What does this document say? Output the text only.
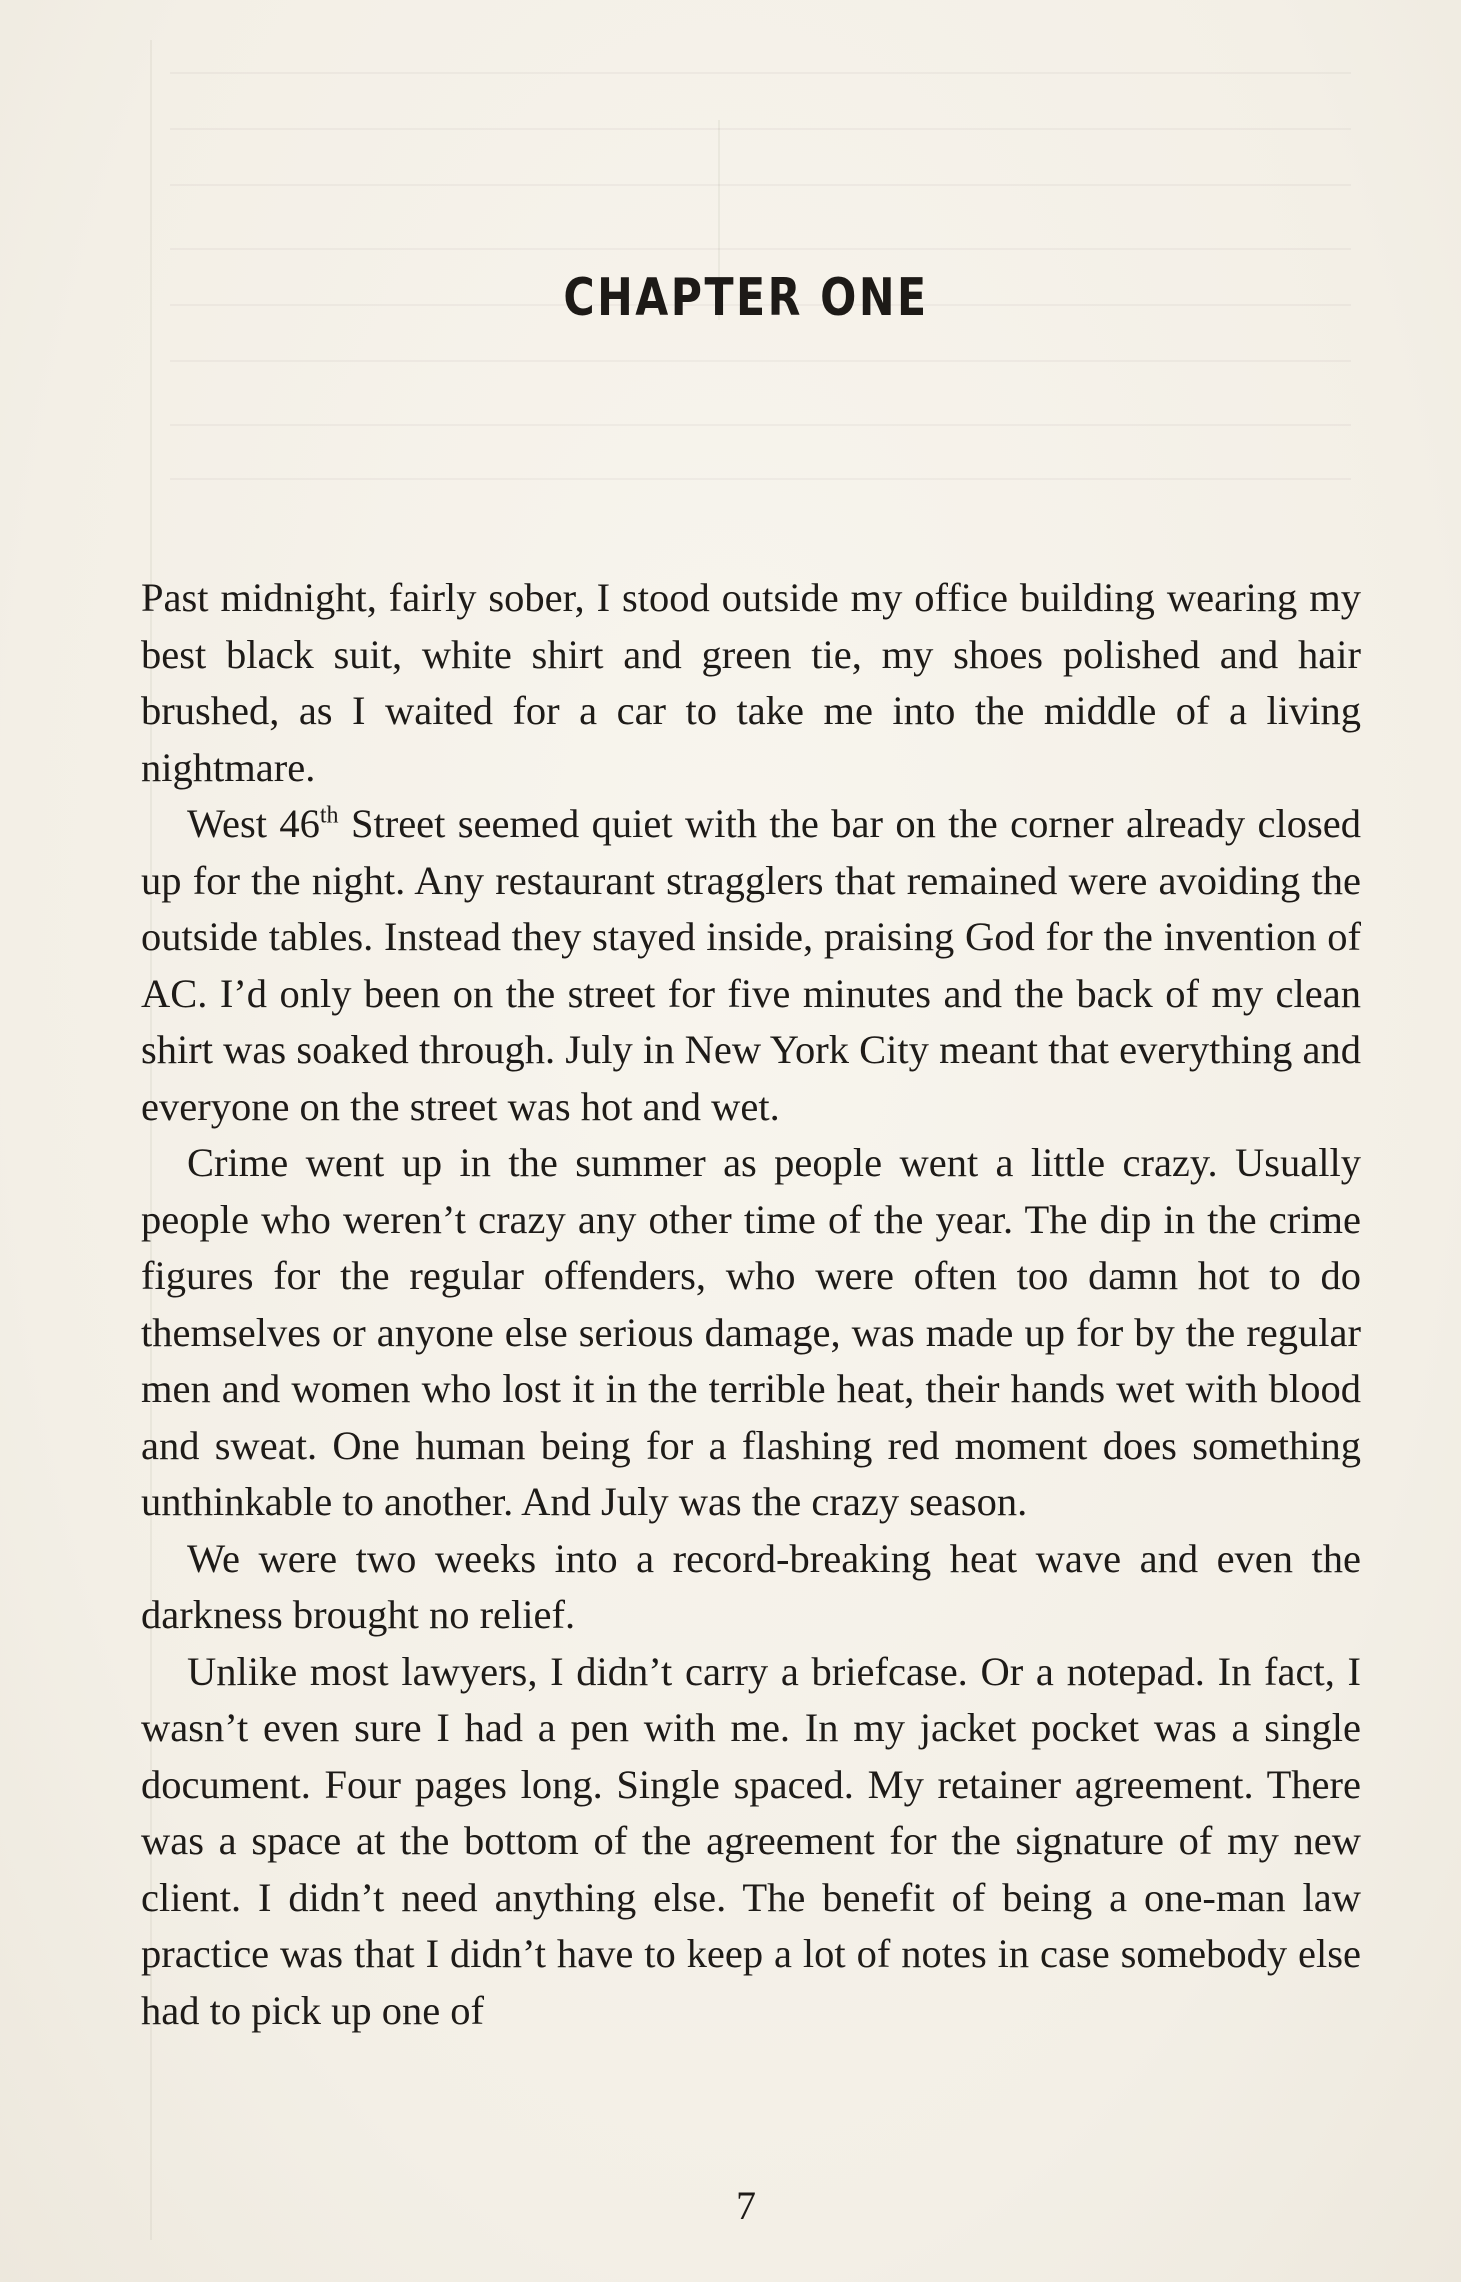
CHAPTER ONE

Past midnight, fairly sober, I stood outside my office building wearing my best black suit, white shirt and green tie, my shoes polished and hair brushed, as I waited for a car to take me into the middle of a living nightmare.

West 46th Street seemed quiet with the bar on the corner already closed up for the night. Any restaurant stragglers that remained were avoiding the outside tables. Instead they stayed inside, praising God for the invention of AC. I’d only been on the street for five minutes and the back of my clean shirt was soaked through. July in New York City meant that everything and everyone on the street was hot and wet.

Crime went up in the summer as people went a little crazy. Usually people who weren’t crazy any other time of the year. The dip in the crime figures for the regular offenders, who were often too damn hot to do themselves or anyone else serious damage, was made up for by the regular men and women who lost it in the terrible heat, their hands wet with blood and sweat. One human being for a flashing red moment does something unthinkable to another. And July was the crazy season.

We were two weeks into a record-breaking heat wave and even the darkness brought no relief.

Unlike most lawyers, I didn’t carry a briefcase. Or a notepad. In fact, I wasn’t even sure I had a pen with me. In my jacket pocket was a single document. Four pages long. Single spaced. My retainer agreement. There was a space at the bottom of the agreement for the signature of my new client. I didn’t need anything else. The benefit of being a one-man law practice was that I didn’t have to keep a lot of notes in case somebody else had to pick up one of

7
